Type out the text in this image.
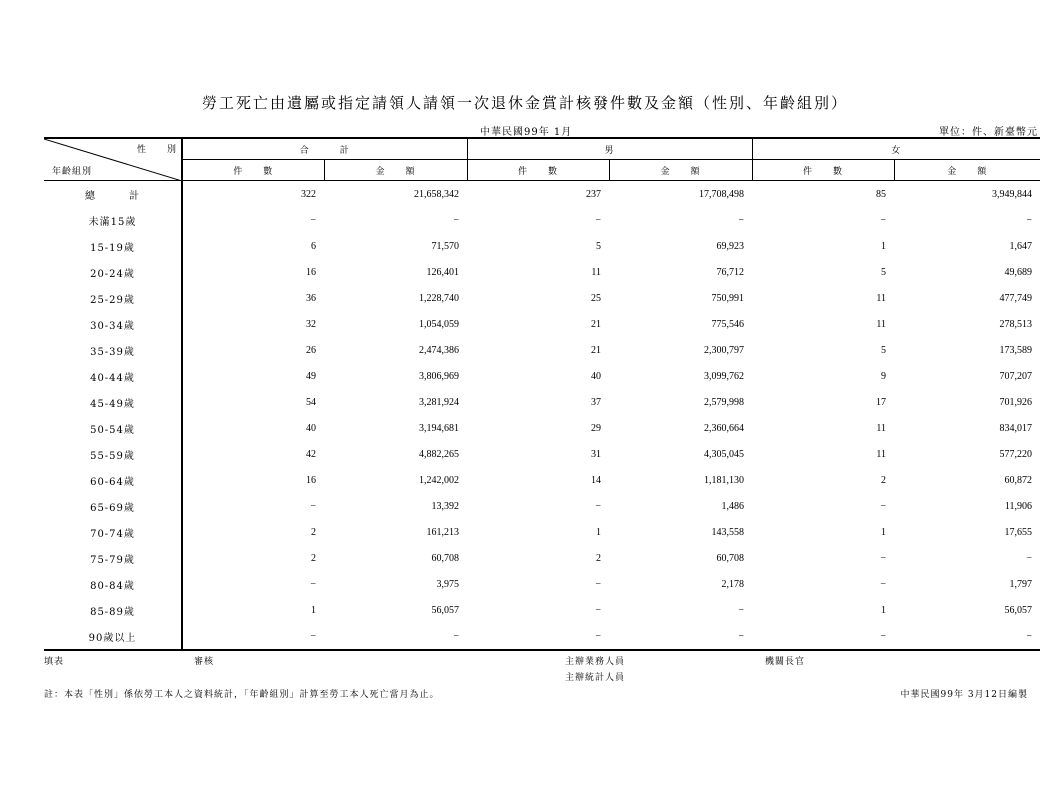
勞工死亡由遺屬或指定請領人請領一次退休金賞計核發件數及金額（性別、年齡組別）
中華民國99年 1月	單位：件、新臺幣元
性　　別
年齡組別	合　　　計		男		女	
	件　　數	金　　額	件　　數	金　　額	件　　數	金　　額
總　　　計	322	21,658,342	237	17,708,498	85	3,949,844
未滿15歲	−	−	−	−	−	−
15-19歲	6	71,570	5	69,923	1	1,647
20-24歲	16	126,401	11	76,712	5	49,689
25-29歲	36	1,228,740	25	750,991	11	477,749
30-34歲	32	1,054,059	21	775,546	11	278,513
35-39歲	26	2,474,386	21	2,300,797	5	173,589
40-44歲	49	3,806,969	40	3,099,762	9	707,207
45-49歲	54	3,281,924	37	2,579,998	17	701,926
50-54歲	40	3,194,681	29	2,360,664	11	834,017
55-59歲	42	4,882,265	31	4,305,045	11	577,220
60-64歲	16	1,242,002	14	1,181,130	2	60,872
65-69歲	−	13,392	−	1,486	−	11,906
70-74歲	2	161,213	1	143,558	1	17,655
75-79歲	2	60,708	2	60,708	−	−
80-84歲	−	3,975	−	2,178	−	1,797
85-89歲	1	56,057	−	−	1	56,057
90歲以上	−	−	−	−	−	−
填表	審核	主辦業務人員	機關長官
主辦統計人員
註：本表「性別」係依勞工本人之資料統計，「年齡組別」計算至勞工本人死亡當月為止。	中華民國99年 3月12日編製
